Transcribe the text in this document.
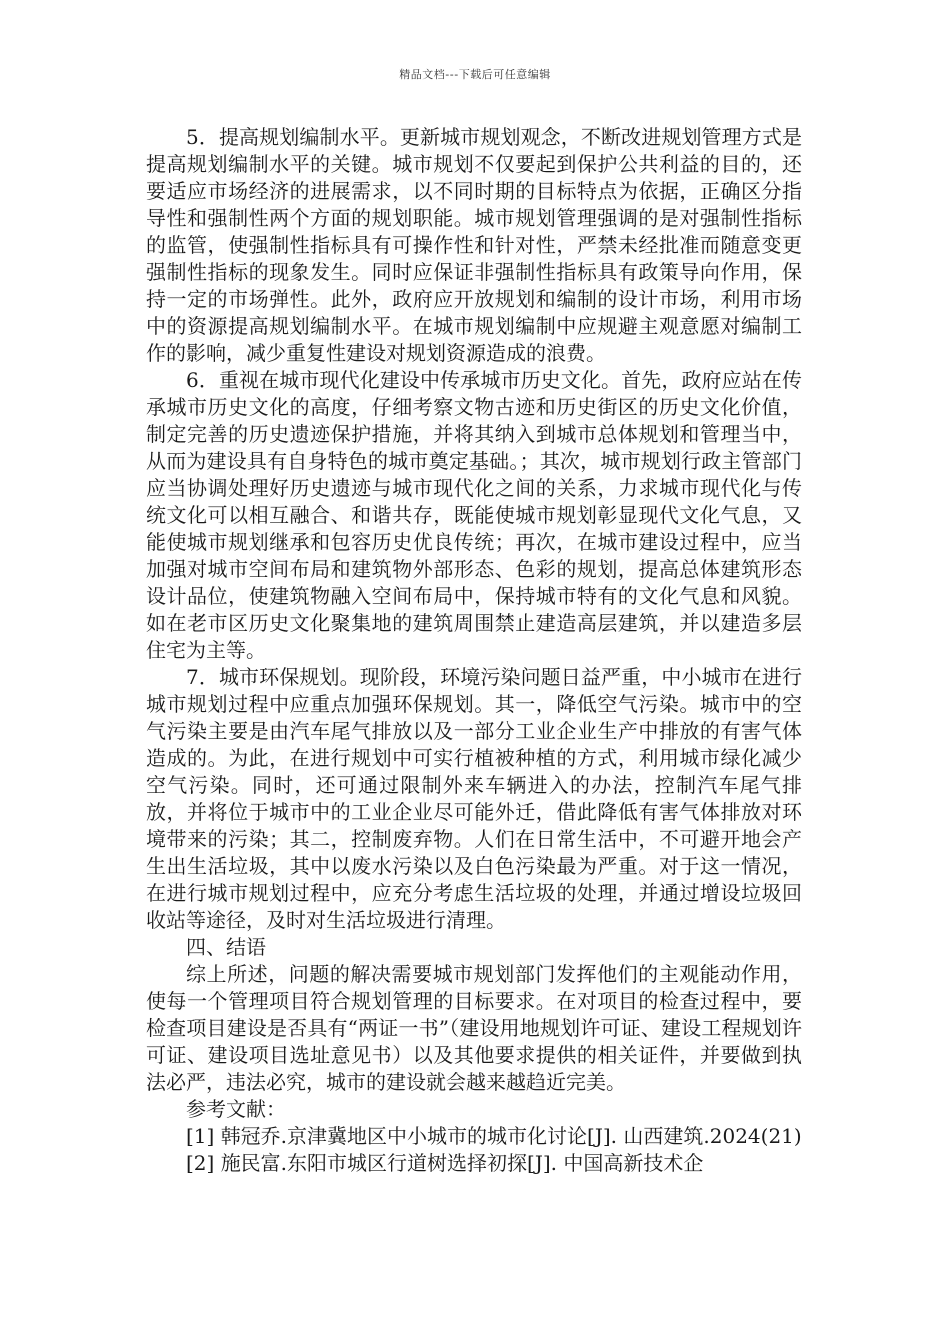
精品文档---下载后可任意编辑

5．提高规划编制水平。更新城市规划观念，不断改进规划管理方式是提高规划编制水平的关键。城市规划不仅要起到保护公共利益的目的，还要适应市场经济的进展需求，以不同时期的目标特点为依据，正确区分指导性和强制性两个方面的规划职能。城市规划管理强调的是对强制性指标的监管，使强制性指标具有可操作性和针对性，严禁未经批准而随意变更强制性指标的现象发生。同时应保证非强制性指标具有政策导向作用，保持一定的市场弹性。此外，政府应开放规划和编制的设计市场，利用市场中的资源提高规划编制水平。在城市规划编制中应规避主观意愿对编制工作的影响，减少重复性建设对规划资源造成的浪费。

6．重视在城市现代化建设中传承城市历史文化。首先，政府应站在传承城市历史文化的高度，仔细考察文物古迹和历史街区的历史文化价值，制定完善的历史遗迹保护措施，并将其纳入到城市总体规划和管理当中，从而为建设具有自身特色的城市奠定基础。；其次，城市规划行政主管部门应当协调处理好历史遗迹与城市现代化之间的关系，力求城市现代化与传统文化可以相互融合、和谐共存，既能使城市规划彰显现代文化气息，又能使城市规划继承和包容历史优良传统；再次，在城市建设过程中，应当加强对城市空间布局和建筑物外部形态、色彩的规划，提高总体建筑形态设计品位，使建筑物融入空间布局中，保持城市特有的文化气息和风貌。如在老市区历史文化聚集地的建筑周围禁止建造高层建筑，并以建造多层住宅为主等。

7．城市环保规划。现阶段，环境污染问题日益严重，中小城市在进行城市规划过程中应重点加强环保规划。其一，降低空气污染。城市中的空气污染主要是由汽车尾气排放以及一部分工业企业生产中排放的有害气体造成的。为此，在进行规划中可实行植被种植的方式，利用城市绿化减少空气污染。同时，还可通过限制外来车辆进入的办法，控制汽车尾气排放，并将位于城市中的工业企业尽可能外迁，借此降低有害气体排放对环境带来的污染；其二，控制废弃物。人们在日常生活中，不可避开地会产生出生活垃圾，其中以废水污染以及白色污染最为严重。对于这一情况，在进行城市规划过程中，应充分考虑生活垃圾的处理，并通过增设垃圾回收站等途径，及时对生活垃圾进行清理。

四、结语

综上所述，问题的解决需要城市规划部门发挥他们的主观能动作用，使每一个管理项目符合规划管理的目标要求。在对项目的检查过程中，要检查项目建设是否具有“两证一书”（建设用地规划许可证、建设工程规划许可证、建设项目选址意见书）以及其他要求提供的相关证件，并要做到执法必严，违法必究，城市的建设就会越来越趋近完美。

参考文献：

[1] 韩冠乔.京津冀地区中小城市的城市化讨论[J]. 山西建筑.2024(21)

[2] 施民富.东阳市城区行道树选择初探[J]. 中国高新技术企
